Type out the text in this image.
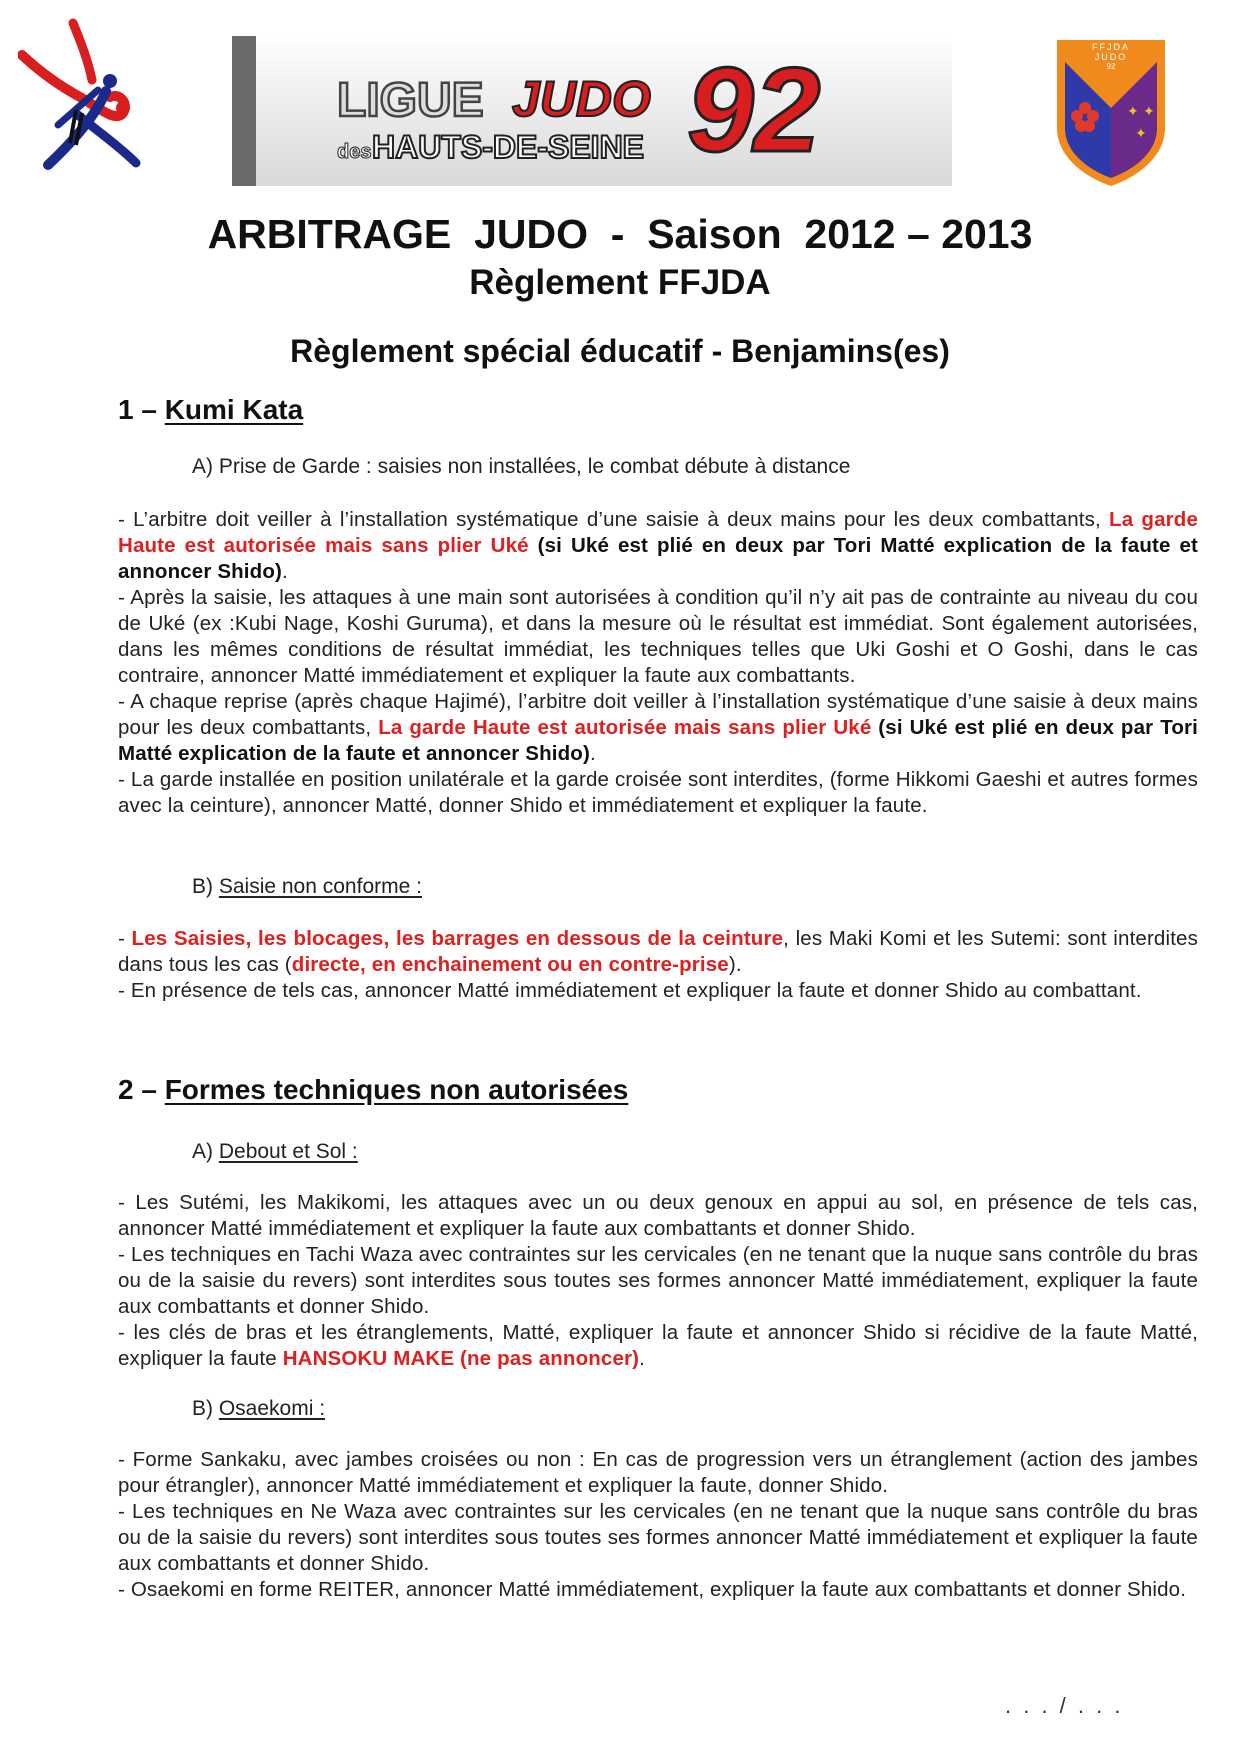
LIGUE JUDO 92
des HAUTS-DE-SEINE
FFJDA
JUDO
92
✦ ✦
✦
ARBITRAGE  JUDO  -  Saison  2012 – 2013
Règlement FFJDA
Règlement spécial éducatif - Benjamins(es)
1 – Kumi Kata
A) Prise de Garde : saisies non installées, le combat débute à distance

- L’arbitre doit veiller à l’installation systématique d’une saisie à deux mains pour les deux combattants, La garde Haute est autorisée mais sans plier Uké (si Uké est plié en deux par Tori Matté explication de la faute et annoncer Shido).

- Après la saisie, les attaques à une main sont autorisées à condition qu’il n’y ait pas de contrainte au niveau du cou de Uké (ex :Kubi Nage, Koshi Guruma), et dans la mesure où le résultat est immédiat. Sont également autorisées, dans les mêmes conditions de résultat immédiat, les techniques telles que Uki Goshi et O Goshi, dans le cas contraire, annoncer Matté immédiatement et expliquer la faute aux combattants.

- A chaque reprise (après chaque Hajimé), l’arbitre doit veiller à l’installation systématique d’une saisie à deux mains pour les deux combattants, La garde Haute est autorisée mais sans plier Uké (si Uké est plié en deux par Tori Matté explication de la faute et annoncer Shido).

- La garde installée en position unilatérale et la garde croisée sont interdites, (forme Hikkomi Gaeshi et autres formes avec la ceinture), annoncer Matté, donner Shido et immédiatement et expliquer la faute.

B) Saisie non conforme :

- Les Saisies, les blocages, les barrages en dessous de la ceinture, les Maki Komi et les Sutemi: sont interdites dans tous les cas (directe, en enchainement ou en contre-prise).

- En présence de tels cas, annoncer Matté immédiatement et expliquer la faute et donner Shido au combattant.

2 – Formes techniques non autorisées
A) Debout et Sol :

- Les Sutémi, les Makikomi, les attaques avec un ou deux genoux en appui au sol, en présence de tels cas, annoncer Matté immédiatement et expliquer la faute aux combattants et donner Shido.

- Les techniques en Tachi Waza avec contraintes sur les cervicales (en ne tenant que la nuque sans contrôle du bras ou de la saisie du revers) sont interdites sous toutes ses formes annoncer Matté immédiatement, expliquer la faute aux combattants et donner Shido.

- les clés de bras et les étranglements, Matté, expliquer la faute et annoncer Shido si récidive de la faute Matté, expliquer la faute HANSOKU MAKE (ne pas annoncer).

B) Osaekomi :

- Forme Sankaku, avec jambes croisées ou non : En cas de progression vers un étranglement (action des jambes pour étrangler), annoncer Matté immédiatement et expliquer la faute, donner Shido.

- Les techniques en Ne Waza avec contraintes sur les cervicales (en ne tenant que la nuque sans contrôle du bras ou de la saisie du revers) sont interdites sous toutes ses formes annoncer Matté immédiatement et expliquer la faute aux combattants et donner Shido.

- Osaekomi en forme REITER, annoncer Matté immédiatement, expliquer la faute aux combattants et donner Shido.

. . . / . . .
